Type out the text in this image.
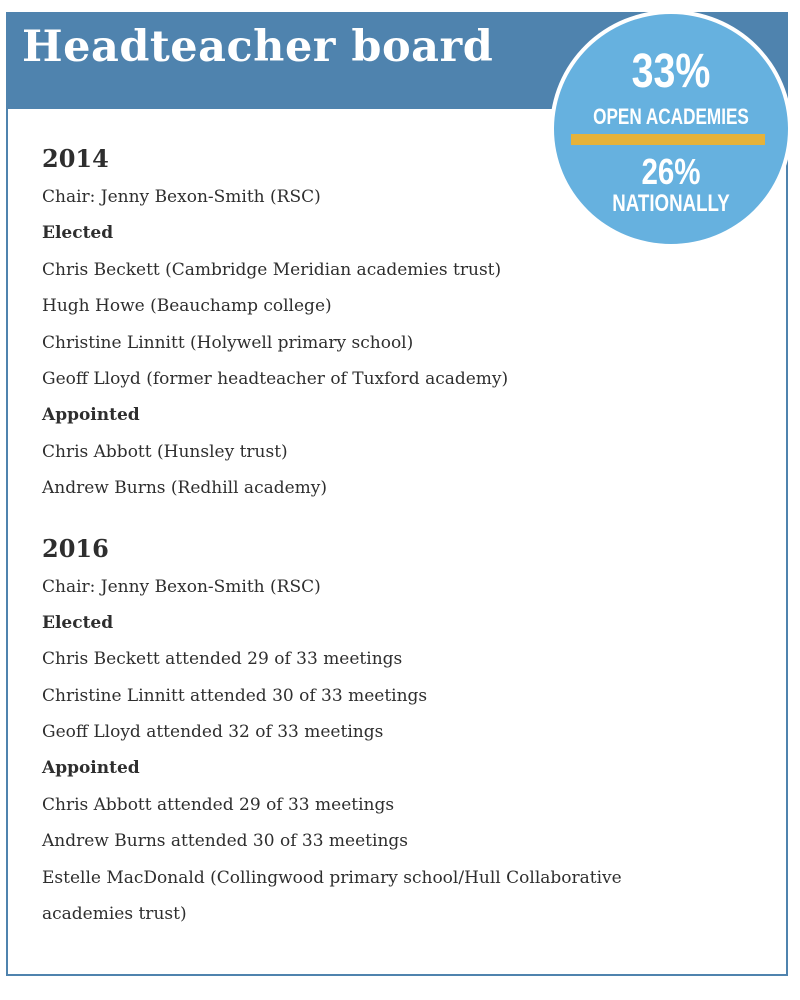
Headteacher board
2014
Chair: Jenny Bexon-Smith (RSC)
Elected
Chris Beckett (Cambridge Meridian academies trust)
Hugh Howe (Beauchamp college)
Christine Linnitt (Holywell primary school)
Geoff Lloyd (former headteacher of Tuxford academy)
Appointed
Chris Abbott (Hunsley trust)
Andrew Burns (Redhill academy)
2016
Chair: Jenny Bexon-Smith (RSC)
Elected
Chris Beckett attended 29 of 33 meetings
Christine Linnitt attended 30 of 33 meetings
Geoff Lloyd attended 32 of 33 meetings
Appointed
Chris Abbott attended 29 of 33 meetings
Andrew Burns attended 30 of 33 meetings
Estelle MacDonald (Collingwood primary school/Hull Collaborative academies trust)
33%
OPEN ACADEMIES
26%
NATIONALLY
